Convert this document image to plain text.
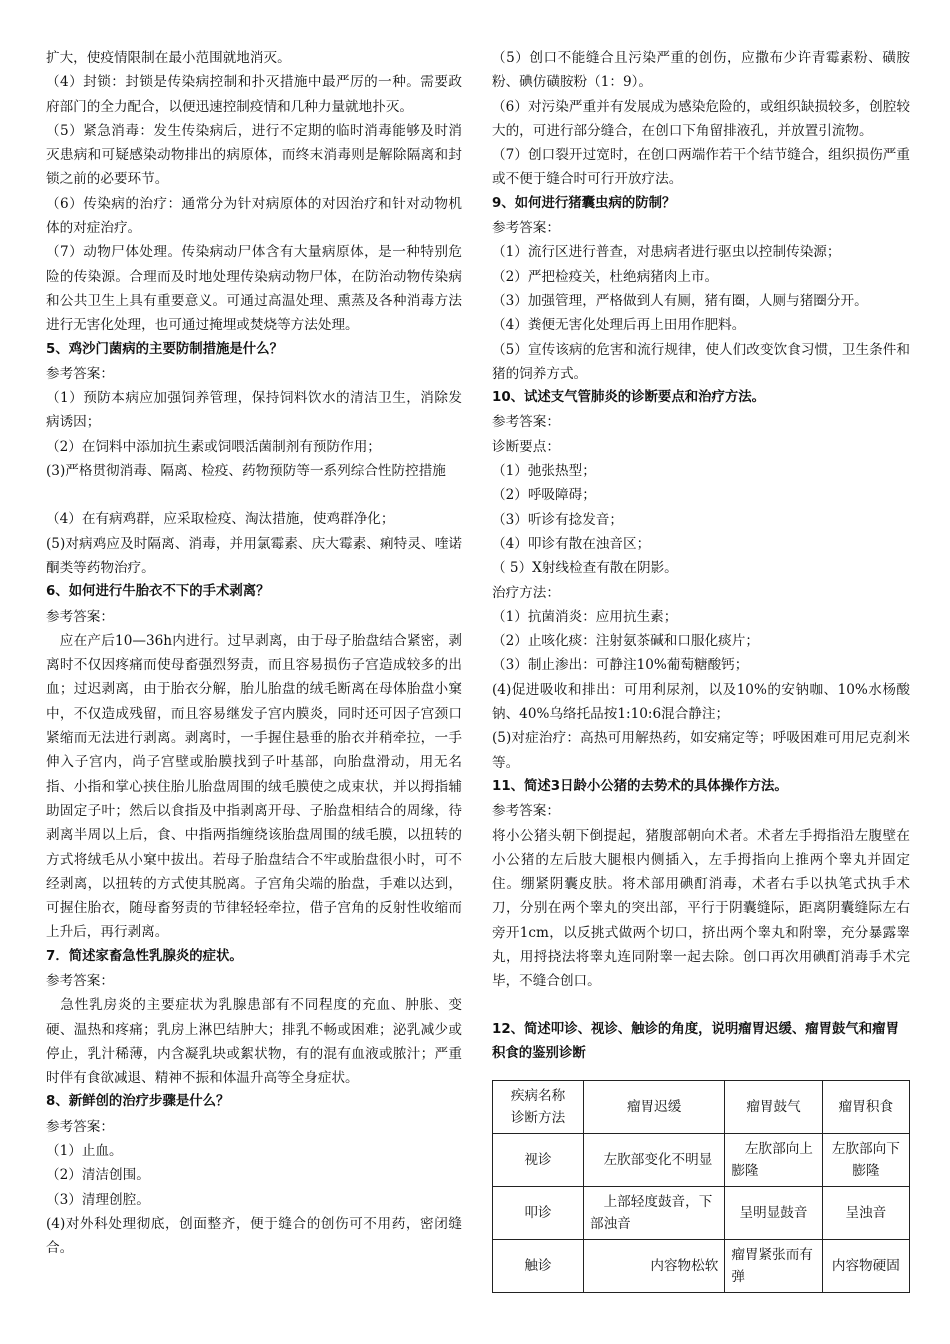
扩大，使疫情限制在最小范围就地消灭。
（4）封锁：封锁是传染病控制和扑灭措施中最严厉的一种。需要政府部门的全力配合，以便迅速控制疫情和几种力量就地扑灭。
（5）紧急消毒：发生传染病后，进行不定期的临时消毒能够及时消灭患病和可疑感染动物排出的病原体，而终末消毒则是解除隔离和封锁之前的必要环节。
（6）传染病的治疗：通常分为针对病原体的对因治疗和针对动物机体的对症治疗。
（7）动物尸体处理。传染病动尸体含有大量病原体，是一种特别危险的传染源。合理而及时地处理传染病动物尸体，在防治动物传染病和公共卫生上具有重要意义。可通过高温处理、熏蒸及各种消毒方法进行无害化处理，也可通过掩埋或焚烧等方法处理。
5、鸡沙门菌病的主要防制措施是什么？
参考答案：
（1）预防本病应加强饲养管理，保持饲料饮水的清洁卫生，消除发病诱因；
（2）在饲料中添加抗生素或饲喂活菌制剂有预防作用；
(3)严格贯彻消毒、隔离、检疫、药物预防等一系列综合性防控措施
（4）在有病鸡群，应采取检疫、淘汰措施，使鸡群净化；
(5)对病鸡应及时隔离、消毒，并用氯霉素、庆大霉素、痢特灵、喹诺酮类等药物治疗。
6、如何进行牛胎衣不下的手术剥离？
参考答案：
　应在产后10—36h内进行。过早剥离，由于母子胎盘结合紧密，剥离时不仅因疼痛而使母畜强烈努责，而且容易损伤子宫造成较多的出血；过迟剥离，由于胎衣分解，胎儿胎盘的绒毛断离在母体胎盘小窠中，不仅造成残留，而且容易继发子宫内膜炎，同时还可因子宫颈口紧缩而无法进行剥离。剥离时，一手握住悬垂的胎衣并稍牵拉，一手伸入子宫内，尚子宫壁或胎膜找到子叶基部，向胎盘滑动，用无名指、小指和掌心挟住胎儿胎盘周围的绒毛膜使之成束状，并以拇指辅助固定子叶；然后以食指及中指剥离开母、子胎盘相结合的周缘，待剥离半周以上后，食、中指两指缠绕该胎盘周围的绒毛膜，以扭转的方式将绒毛从小窠中拔出。若母子胎盘结合不牢或胎盘很小时，可不经剥离，以扭转的方式使其脱离。子宫角尖端的胎盘，手难以达到，可握住胎衣，随母畜努责的节律轻轻牵拉，借子宫角的反射性收缩而上升后，再行剥离。
7．简述家畜急性乳腺炎的症状。
参考答案：
　急性乳房炎的主要症状为乳腺患部有不同程度的充血、肿胀、变硬、温热和疼痛；乳房上淋巴结肿大；排乳不畅或困难；泌乳减少或停止，乳汁稀薄，内含凝乳块或絮状物，有的混有血液或脓汁；严重时伴有食欲减退、精神不振和体温升高等全身症状。
8、新鲜创的治疗步骤是什么？
参考答案：
（1）止血。
（2）清洁创围。
（3）清理创腔。
(4)对外科处理彻底，创面整齐，便于缝合的创伤可不用药，密闭缝合。
（5）创口不能缝合且污染严重的创伤，应撒布少许青霉素粉、磺胺粉、碘仿磺胺粉（1：9）。
（6）对污染严重并有发展成为感染危险的，或组织缺损较多，创腔较大的，可进行部分缝合，在创口下角留排液孔，并放置引流物。
（7）创口裂开过宽时，在创口两端作若干个结节缝合，组织损伤严重或不便于缝合时可行开放疗法。
9、如何进行猪囊虫病的防制？
参考答案：
（1）流行区进行普查，对患病者进行驱虫以控制传染源；
（2）严把检疫关，杜绝病猪肉上市。
（3）加强管理，严格做到人有厕，猪有圈，人厕与猪圈分开。
（4）粪便无害化处理后再上田用作肥料。
（5）宣传该病的危害和流行规律，使人们改变饮食习惯，卫生条件和猪的饲养方式。
10、试述支气管肺炎的诊断要点和治疗方法。
参考答案：
诊断要点：
（1）弛张热型；
（2）呼吸障碍；
（3）听诊有捻发音；
（4）叩诊有散在浊音区；
（ 5）X射线检查有散在阴影。
治疗方法：
（1）抗菌消炎：应用抗生素；
（2）止咳化痰：注射氨茶碱和口服化痰片；
（3）制止渗出：可静注10%葡萄糖酸钙；
(4)促进吸收和排出：可用利尿剂，以及10%的安钠咖、10%水杨酸钠、40%乌络托品按1:10:6混合静注；
(5)对症治疗：高热可用解热药，如安痛定等；呼吸困难可用尼克刹米等。
11、简述3日龄小公猪的去势术的具体操作方法。
参考答案：
将小公猪头朝下倒提起，猪腹部朝向术者。术者左手拇指沿左腹壁在小公猪的左后肢大腿根内侧插入，左手拇指向上推两个睾丸并固定住。绷紧阴囊皮肤。将术部用碘酊消毒，术者右手以执笔式执手术刀，分别在两个睾丸的突出部，平行于阴囊缝际，距离阴囊缝际左右旁开1cm，以反挑式做两个切口，挤出两个睾丸和附睾，充分暴露睾丸，用捋挠法将睾丸连同附睾一起去除。创口再次用碘酊消毒手术完毕，不缝合创口。
12、简述叩诊、视诊、触诊的角度，说明瘤胃迟缓、瘤胃鼓气和瘤胃积食的鉴别诊断
疾病名称
诊断方法	瘤胃迟缓	瘤胃鼓气	瘤胃积食
视诊	　左肷部变化不明显	　左肷部向上膨隆	左肷部向下膨隆
叩诊	　上部轻度鼓音，下部浊音	呈明显鼓音	呈浊音
触诊	内容物松软	瘤胃紧张而有弹	内容物硬固
